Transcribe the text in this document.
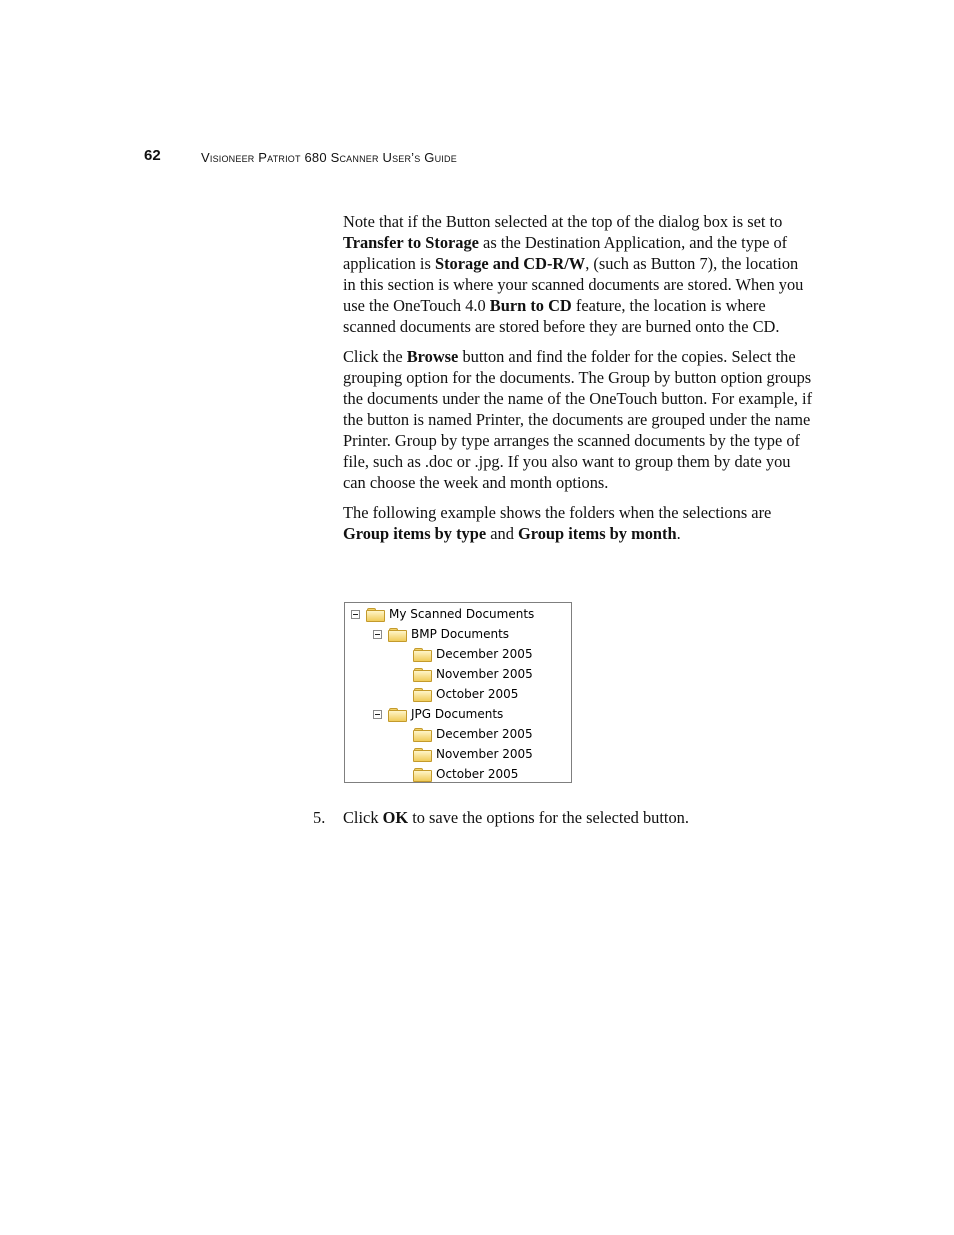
62	Visioneer Patriot 680 Scanner User’s Guide

Note that if the Button selected at the top of the dialog box is set to Transfer to Storage as the Destination Application, and the type of application is Storage and CD-R/W, (such as Button 7), the location in this section is where your scanned documents are stored. When you use the OneTouch 4.0 Burn to CD feature, the location is where scanned documents are stored before they are burned onto the CD.

Click the Browse button and find the folder for the copies. Select the grouping option for the documents. The Group by button option groups the documents under the name of the OneTouch button. For example, if the button is named Printer, the documents are grouped under the name Printer. Group by type arranges the scanned documents by the type of file, such as .doc or .jpg. If you also want to group them by date you can choose the week and month options.

The following example shows the folders when the selections are Group items by type and Group items by month.

My Scanned Documents
BMP Documents
December 2005
November 2005
October 2005
JPG Documents
December 2005
November 2005
October 2005
5. Click OK to save the options for the selected button.
